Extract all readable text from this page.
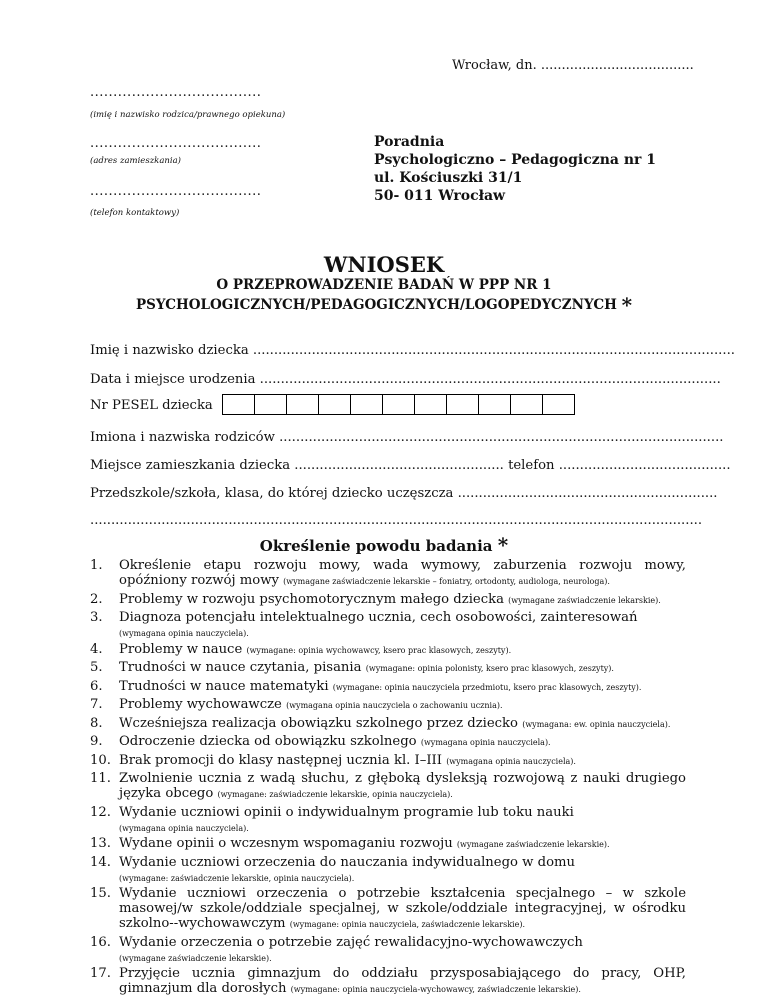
Wrocław, dn. .....................................
.....................................
(imię i nazwisko rodzica/prawnego opiekuna)
.....................................
(adres zamieszkania)
.....................................
(telefon kontaktowy)
Poradnia
Psychologiczno – Pedagogiczna nr 1
ul. Kościuszki 31/1
50- 011 Wrocław
WNIOSEK
O PRZEPROWADZENIE BADAŃ W PPP NR 1
PSYCHOLOGICZNYCH/PEDAGOGICZNYCH/LOGOPEDYCZNYCH *
Imię i nazwisko dziecka ...................................................................................................................
Data i miejsce urodzenia ..............................................................................................................
Nr PESEL dziecka
Imiona i nazwiska rodziców ..........................................................................................................
Miejsce zamieszkania dziecka .................................................. telefon .........................................
Przedszkole/szkoła, klasa, do której dziecko uczęszcza ..............................................................
..................................................................................................................................................
Określenie powodu badania *
1. Określenie etapu rozwoju mowy, wada wymowy, zaburzenia rozwoju mowy, opóźniony rozwój mowy (wymagane zaświadczenie lekarskie – foniatry, ortodonty, audiologa, neurologa).
2. Problemy w rozwoju psychomotorycznym małego dziecka (wymagane zaświadczenie lekarskie).
3. Diagnoza potencjału intelektualnego ucznia, cech osobowości, zainteresowań
(wymagana opinia nauczyciela).
4. Problemy w nauce (wymagane: opinia wychowawcy, ksero prac klasowych, zeszyty).
5. Trudności w nauce czytania, pisania (wymagane: opinia polonisty, ksero prac klasowych, zeszyty).
6. Trudności w nauce matematyki (wymagane: opinia nauczyciela przedmiotu, ksero prac klasowych, zeszyty).
7. Problemy wychowawcze (wymagana opinia nauczyciela o zachowaniu ucznia).
8. Wcześniejsza realizacja obowiązku szkolnego przez dziecko (wymagana: ew. opinia nauczyciela).
9. Odroczenie dziecka od obowiązku szkolnego (wymagana opinia nauczyciela).
10. Brak promocji do klasy następnej ucznia kl. I–III (wymagana opinia nauczyciela).
11. Zwolnienie ucznia z wadą słuchu, z głęboką dysleksją rozwojową z nauki drugiego języka obcego (wymagane: zaświadczenie lekarskie, opinia nauczyciela).
12. Wydanie uczniowi opinii o indywidualnym programie lub toku nauki
(wymagana opinia nauczyciela).
13. Wydane opinii o wczesnym wspomaganiu rozwoju (wymagane zaświadczenie lekarskie).
14. Wydanie uczniowi orzeczenia do nauczania indywidualnego w domu
(wymagane: zaświadczenie lekarskie, opinia nauczyciela).
15. Wydanie uczniowi orzeczenia o potrzebie kształcenia specjalnego – w szkole masowej/w szkole/oddziale specjalnej, w szkole/oddziale integracyjnej, w ośrodku szkolno--wychowawczym (wymagane: opinia nauczyciela, zaświadczenie lekarskie).
16. Wydanie orzeczenia o potrzebie zajęć rewalidacyjno-wychowawczych
(wymagane zaświadczenie lekarskie).
17. Przyjęcie ucznia gimnazjum do oddziału przysposabiającego do pracy, OHP, gimnazjum dla dorosłych (wymagane: opinia nauczyciela-wychowawcy, zaświadczenie lekarskie).
